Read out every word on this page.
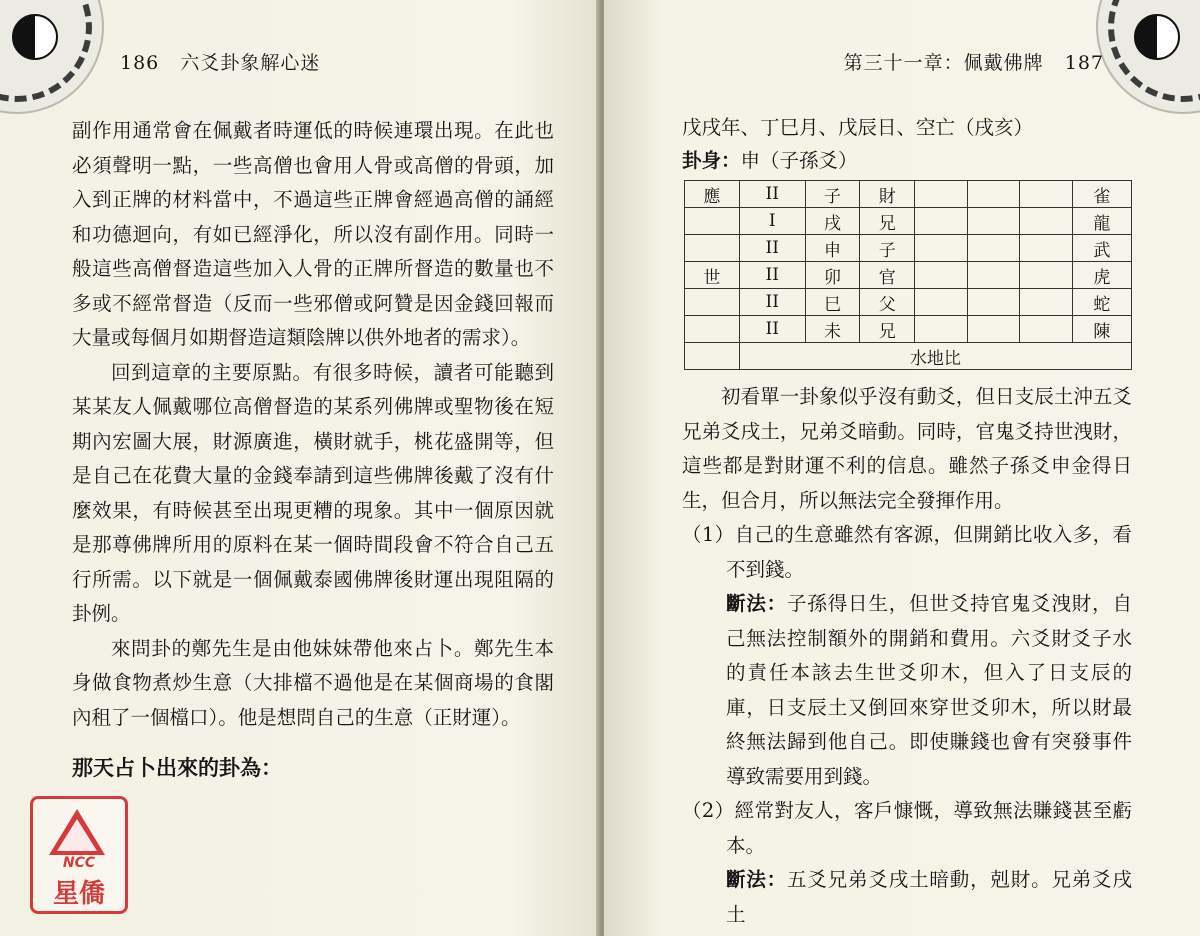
186 六爻卦象解心迷

副作用通常會在佩戴者時運低的時候連環出現。在此也必須聲明一點，一些高僧也會用人骨或高僧的骨頭，加入到正牌的材料當中，不過這些正牌會經過高僧的誦經和功德迴向，有如已經淨化，所以沒有副作用。同時一般這些高僧督造這些加入人骨的正牌所督造的數量也不多或不經常督造（反而一些邪僧或阿贊是因金錢回報而大量或每個月如期督造這類陰牌以供外地者的需求）。

回到這章的主要原點。有很多時候，讀者可能聽到某某友人佩戴哪位高僧督造的某系列佛牌或聖物後在短期內宏圖大展，財源廣進，橫財就手，桃花盛開等，但是自己在花費大量的金錢奉請到這些佛牌後戴了沒有什麼效果，有時候甚至出現更糟的現象。其中一個原因就是那尊佛牌所用的原料在某一個時間段會不符合自己五行所需。以下就是一個佩戴泰國佛牌後財運出現阻隔的卦例。

來問卦的鄭先生是由他妹妹帶他來占卜。鄭先生本身做食物煮炒生意（大排檔不過他是在某個商場的食閣內租了一個檔口）。他是想問自己的生意（正財運）。

那天占卜出來的卦為：

NCC
星僑
第三十一章：佩戴佛牌 187
戊戌年、丁巳月、戊辰日、空亡（戌亥）
卦身：申（子孫爻）
應	II	子	財				雀
	I	戌	兄				龍
	II	申	子				武
世	II	卯	官				虎
	II	巳	父				蛇
	II	未	兄				陳
	水地比						

初看單一卦象似乎沒有動爻，但日支辰土沖五爻兄弟爻戌土，兄弟爻暗動。同時，官鬼爻持世洩財，這些都是對財運不利的信息。雖然子孫爻申金得日生，但合月，所以無法完全發揮作用。

（1）自己的生意雖然有客源，但開銷比收入多，看不到錢。

斷法：子孫得日生，但世爻持官鬼爻洩財，自己無法控制額外的開銷和費用。六爻財爻子水的責任本該去生世爻卯木，但入了日支辰的庫，日支辰土又倒回來穿世爻卯木，所以財最終無法歸到他自己。即使賺錢也會有突發事件導致需要用到錢。

（2）經常對友人，客戶慷慨，導致無法賺錢甚至虧本。

斷法：五爻兄弟爻戌土暗動，剋財。兄弟爻戌土
